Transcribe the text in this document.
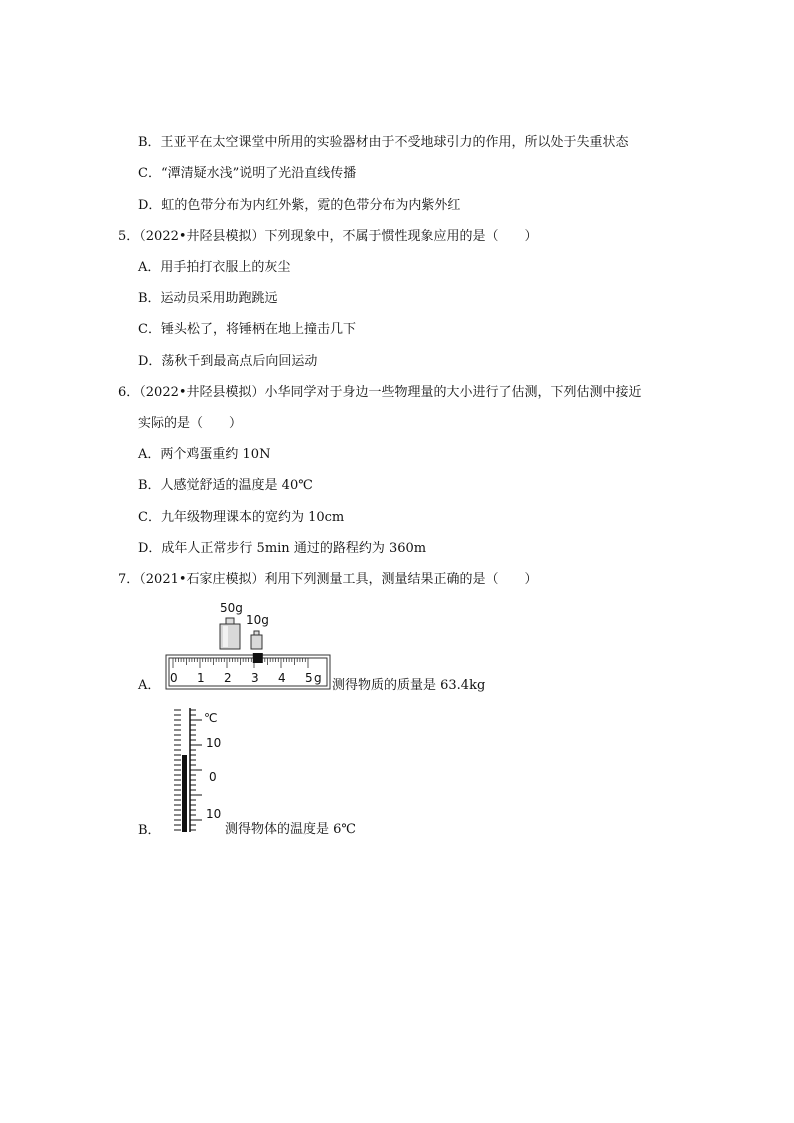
B．王亚平在太空课堂中所用的实验器材由于不受地球引力的作用，所以处于失重状态
C．“潭清疑水浅”说明了光沿直线传播
D．虹的色带分布为内红外紫，霓的色带分布为内紫外红
5．（2022•井陉县模拟）下列现象中，不属于惯性现象应用的是（　　）
A．用手拍打衣服上的灰尘
B．运动员采用助跑跳远
C．锤头松了，将锤柄在地上撞击几下
D．荡秋千到最高点后向回运动
6．（2022•井陉县模拟）小华同学对于身边一些物理量的大小进行了估测，下列估测中接近
实际的是（　　）
A．两个鸡蛋重约 10N
B．人感觉舒适的温度是 40℃
C．九年级物理课本的宽约为 10cm
D．成年人正常步行 5min 通过的路程约为 360m
7．（2021•石家庄模拟）利用下列测量工具，测量结果正确的是（　　）
A．
50g
10g
0 1 2 3 4 5 g 测得物质的质量是 63.4kg
℃
10
0
10
B．	测得物体的温度是 6℃
